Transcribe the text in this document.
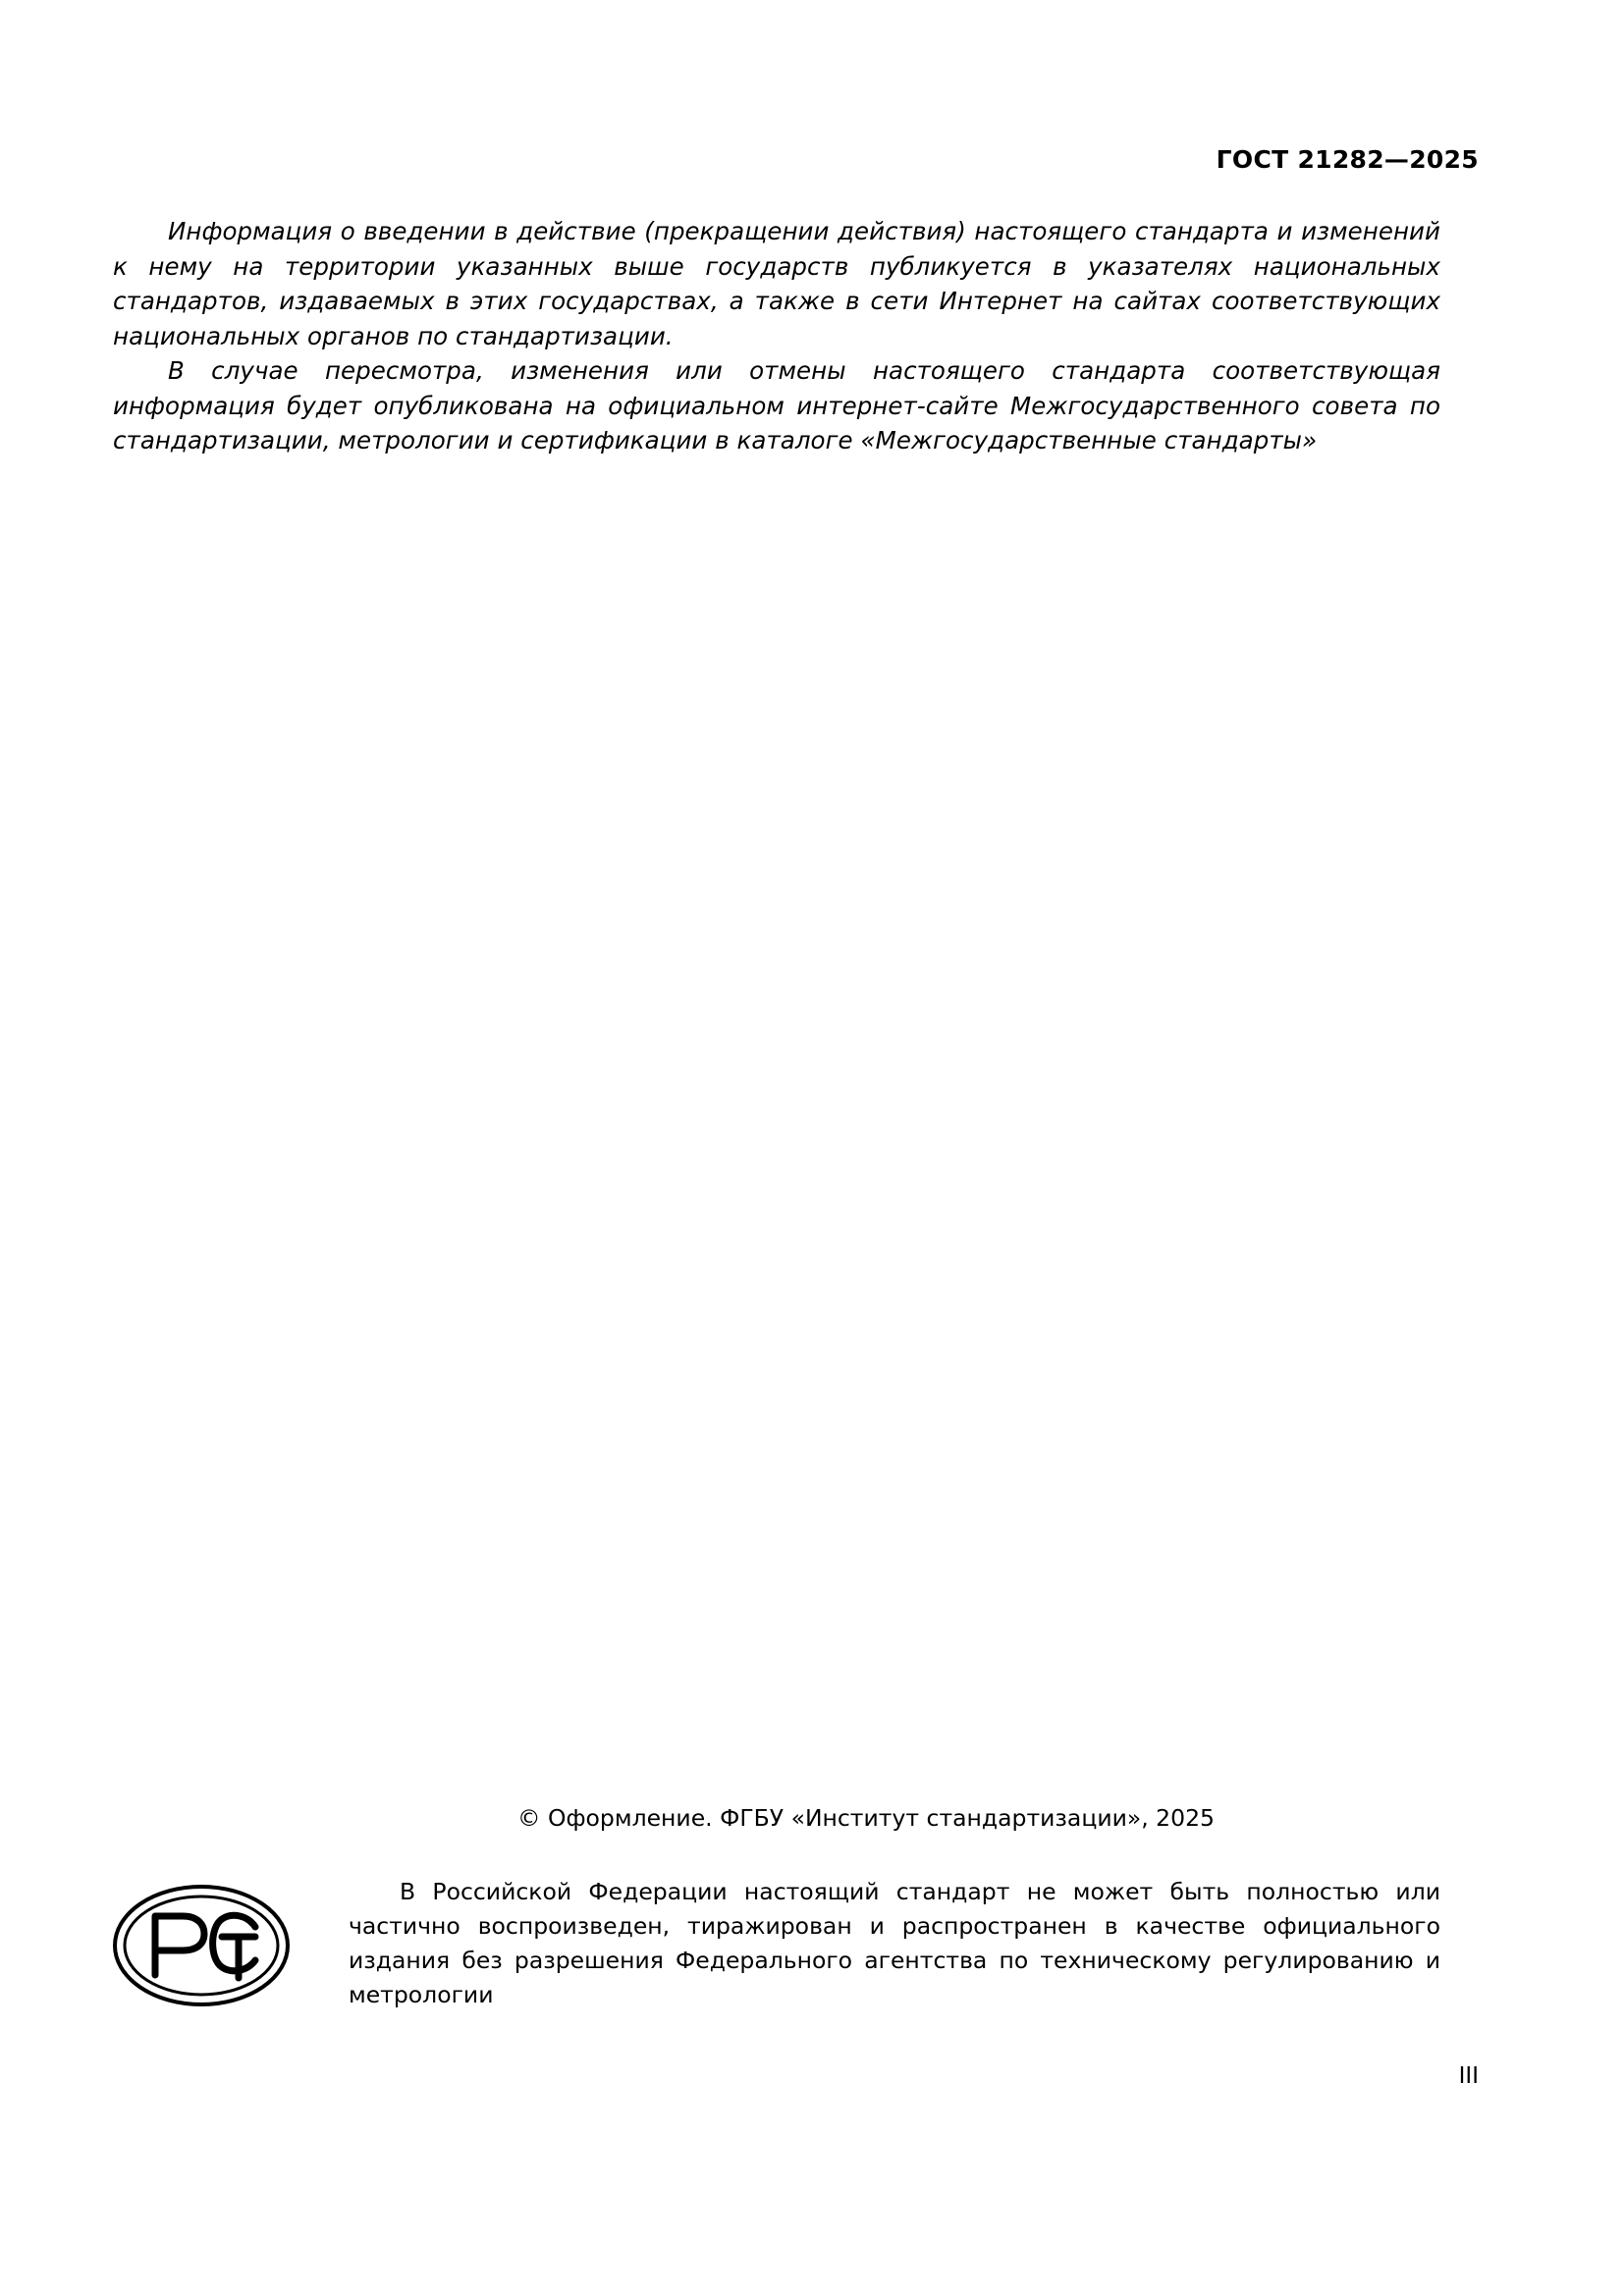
ГОСТ 21282—2025

Информация о введении в действие (прекращении действия) настоящего стандарта и изменений к нему на территории указанных выше государств публикуется в указателях национальных стандартов, издаваемых в этих государствах, а также в сети Интернет на сайтах соответствующих национальных органов по стандартизации.

В случае пересмотра, изменения или отмены настоящего стандарта соответствующая информация будет опубликована на официальном интернет-сайте Межгосударственного совета по стандартизации, метрологии и сертификации в каталоге «Межгосударственные стандарты»

© Оформление. ФГБУ «Институт стандартизации», 2025

В Российской Федерации настоящий стандарт не может быть полностью или частично воспроизведен, тиражирован и распространен в качестве официального издания без разрешения Федерального агентства по техническому регулированию и метрологии

III
